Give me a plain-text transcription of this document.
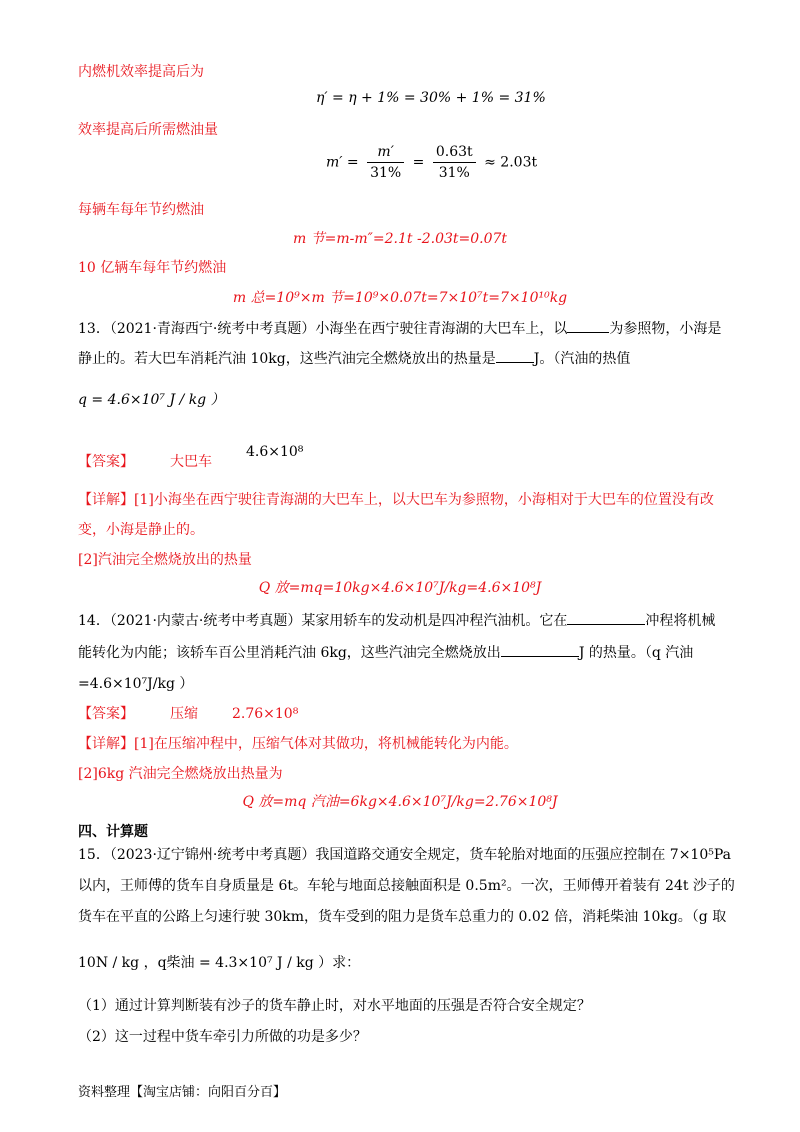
内燃机效率提高后为
η′ = η + 1% = 30% + 1% = 31%
效率提高后所需燃油量
$m' = \frac{m'}{31\%} = \frac{0.63t}{31\%} \approx 2.03t$
每辆车每年节约燃油
m 节=m-m″=2.1t -2.03t=0.07t
10 亿辆车每年节约燃油
m 总=10⁹×m 节=10⁹×0.07t=7×10⁷t=7×10¹⁰kg
13．（2021·青海西宁·统考中考真题）小海坐在西宁驶往青海湖的大巴车上，以	为参照物，小海是
静止的。若大巴车消耗汽油 10kg，这些汽油完全燃烧放出的热量是	J。（汽油的热值
q = 4.6×10⁷ J / kg ）
【答案】	大巴车
4.6×10⁸
【详解】[1]小海坐在西宁驶往青海湖的大巴车上，以大巴车为参照物，小海相对于大巴车的位置没有改
变，小海是静止的。
[2]汽油完全燃烧放出的热量
Q 放=mq=10kg×4.6×10⁷J/kg=4.6×10⁸J
14．（2021·内蒙古·统考中考真题）某家用轿车的发动机是四冲程汽油机。它在	冲程将机械
能转化为内能；该轿车百公里消耗汽油 6kg，这些汽油完全燃烧放出	J 的热量。（q 汽油
=4.6×10⁷J/kg ）
【答案】	压缩 2.76×10⁸
【详解】[1]在压缩冲程中，压缩气体对其做功，将机械能转化为内能。
[2]6kg 汽油完全燃烧放出热量为
Q 放=mq 汽油=6kg×4.6×10⁷J/kg=2.76×10⁸J
四、计算题
15．（2023·辽宁锦州·统考中考真题）我国道路交通安全规定，货车轮胎对地面的压强应控制在 7×10⁵Pa
以内，王师傅的货车自身质量是 6t。车轮与地面总接触面积是 0.5m²。一次，王师傅开着装有 24t 沙子的
货车在平直的公路上匀速行驶 30km，货车受到的阻力是货车总重力的 0.02 倍，消耗柴油 10kg。（g 取
10N / kg ，q柴油 = 4.3×10⁷ J / kg ）求：
（1）通过计算判断装有沙子的货车静止时，对水平地面的压强是否符合安全规定？
（2）这一过程中货车牵引力所做的功是多少？
资料整理【淘宝店铺：向阳百分百】
